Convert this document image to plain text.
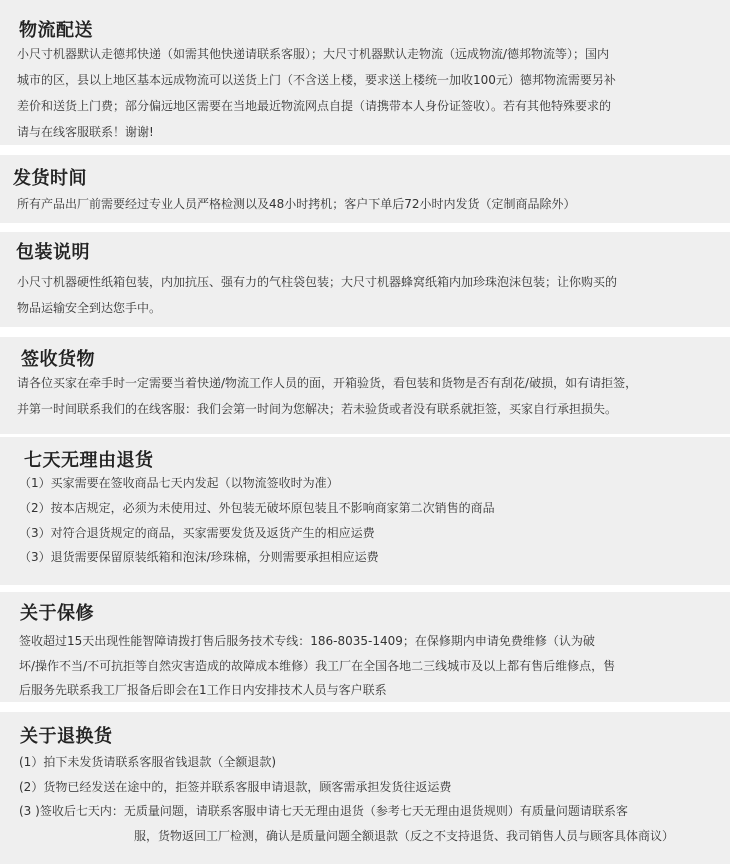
物流配送

小尺寸机器默认走德邦快递（如需其他快递请联系客服）；大尺寸机器默认走物流（远成物流/德邦物流等）；国内

城市的区，县以上地区基本远成物流可以送货上门（不含送上楼，要求送上楼统一加收100元）德邦物流需要另补

差价和送货上门费；部分偏远地区需要在当地最近物流网点自提（请携带本人身份证签收）。若有其他特殊要求的

请与在线客服联系！谢谢!

发货时间

所有产品出厂前需要经过专业人员严格检测以及48小时拷机；客户下单后72小时内发货（定制商品除外）

包装说明

小尺寸机器硬性纸箱包装，内加抗压、强有力的气柱袋包装；大尺寸机器蜂窝纸箱内加珍珠泡沫包装；让你购买的

物品运输安全到达您手中。

签收货物

请各位买家在牵手时一定需要当着快递/物流工作人员的面，开箱验货，看包装和货物是否有刮花/破损，如有请拒签，

并第一时间联系我们的在线客服：我们会第一时间为您解决；若未验货或者没有联系就拒签，买家自行承担损失。

七天无理由退货

（1）买家需要在签收商品七天内发起（以物流签收时为准）

（2）按本店规定，必须为未使用过、外包装无破坏原包装且不影响商家第二次销售的商品

（3）对符合退货规定的商品，买家需要发货及返货产生的相应运费

（3）退货需要保留原装纸箱和泡沫/珍珠棉，分则需要承担相应运费

关于保修

签收超过15天出现性能智障请拨打售后服务技术专线：186-8035-1409；在保修期内申请免费维修（认为破

坏/操作不当/不可抗拒等自然灾害造成的故障成本维修）我工厂在全国各地二三线城市及以上都有售后维修点，售

后服务先联系我工厂报备后即会在1工作日内安排技术人员与客户联系

关于退换货

(1）拍下未发货请联系客服省钱退款（全额退款)

(2）货物已经发送在途中的，拒签并联系客服申请退款，顾客需承担发货往返运费

(3 )签收后七天内：无质量问题，请联系客服申请七天无理由退货（参考七天无理由退货规则）有质量问题请联系客

服，货物返回工厂检测，确认是质量问题全额退款（反之不支持退货、我司销售人员与顾客具体商议）
